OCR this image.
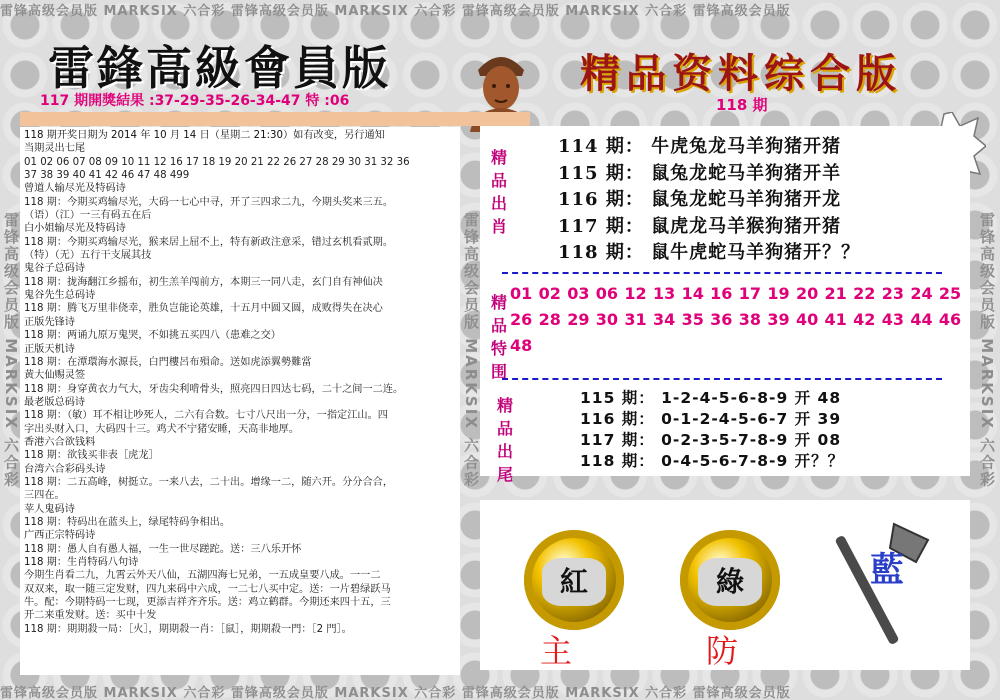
雷锋高级会员版 MARKSIX 六合彩 雷锋高级会员版 MARKSIX 六合彩 雷锋高级会员版 MARKSIX 六合彩 雷锋高级会员版
雷锋高级会员版 MARKSIX 六合彩 雷锋高级会员版 MARKSIX 六合彩 雷锋高级会员版 MARKSIX 六合彩 雷锋高级会员版
雷锋高级会员版 MARKSIX 六合彩	雷锋高级会员版 MARKSIX 六合彩	雷锋高级会员版 MARKSIX 六合彩
雷鋒高級會員版
117 期開獎結果 :37-29-35-26-34-47 特 :06
精品资料综合版
118 期
118 期开奖日期为 2014 年 10 月 14 日（星期二 21:30）如有改变，另行通知
当期灵出七尾
01 02 06 07 08 09 10 11 12 16 17 18 19 20 21 22 26 27 28 29 30 31 32 36
37 38 39 40 41 42 46 47 48 499
曾道人输尽光及特码诗
118 期：今期买鸡输尽光，大码一七心中寻，开了三四求二九，今期头奖来三五。
（语）（江）一三有码五在后
白小姐输尽光及特码诗
118 期：今期买鸡输尽光，猴来居上屈不上，特有新政注意采，错过玄机看贰期。
（特）（无）五行干支展其技
鬼谷子总码诗
118 期：拢海翻江乡摇布，初生羔羊闯前方，本期三一同八走，玄门自有神仙决
鬼谷先生总码诗
118 期：腾飞万里非侥幸，胜负岂能论英雄，十五月中圆又圆，成败得失在决心
正版先锋诗
118 期：两诵九原万鬼哭，不如挑五买四八（患难之交）
正版天机诗
118 期：在潭環海水源長，白門樓呂布殞命。送如虎添翼勢難當
黄大仙赐灵签
118 期：身穿黄衣力气大，牙齿尖利啃骨头，照亮四日四达七码，二十之间一二连。
最老版总码诗
118 期：（敏）耳不相让吵死人，二六有合数。七寸八尺出一分，一指定江山。四
字出头财入口，大码四十三。鸡犬不宁猪安睡，天高非地厚。
香港六合欲钱料
118 期：欲钱买非表［虎龙］
台湾六合彩码头诗
118 期：二五高峰，树挺立。一来八去，二十出。增缘一二，随六开。分分合合，
三四在。
苹人鬼码诗
118 期：特码出在蓝头上，绿尾特码争相出。
广西正宗特码诗
118 期：愚人自有愚人福，一生一世尽蹉跎。送：三八乐开怀
118 期：生肖特码八句诗
今期生肖看二九，九霄云外天八仙，五湖四海七兄弟，一五成皇要八成。一一二
双双来，取一随三定发财，四九来码中六成，一二七八买中定。送：一片碧绿跃马
牛。配：今期特码一七现，更添吉祥齐齐乐。送：鸡立鹤群。今期还来四十五，三
开二来重发财。送：买中十发
118 期：期期殺一局：［火］，期期殺一肖：［鼠］，期期殺一門：［2 門］。
精品出肖
114 期： 牛虎兔龙马羊狗猪开猪
115 期： 鼠兔龙蛇马羊狗猪开羊
116 期： 鼠兔龙蛇马羊狗猪开龙
117 期： 鼠虎龙马羊猴狗猪开猪
118 期： 鼠牛虎蛇马羊狗猪开？？
精品特围
01 02 03 06 12 13 14 16 17 19 20 21 22 23 24 2526 28 29 30 31 34 35 36 38 39 40 41 42 43 44 4648
精品出尾
115 期： 1-2-4-5-6-8-9 开 48
116 期： 0-1-2-4-5-6-7 开 39
117 期： 0-2-3-5-7-8-9 开 08
118 期： 0-4-5-6-7-8-9 开？？
紅	綠	藍
主	防
